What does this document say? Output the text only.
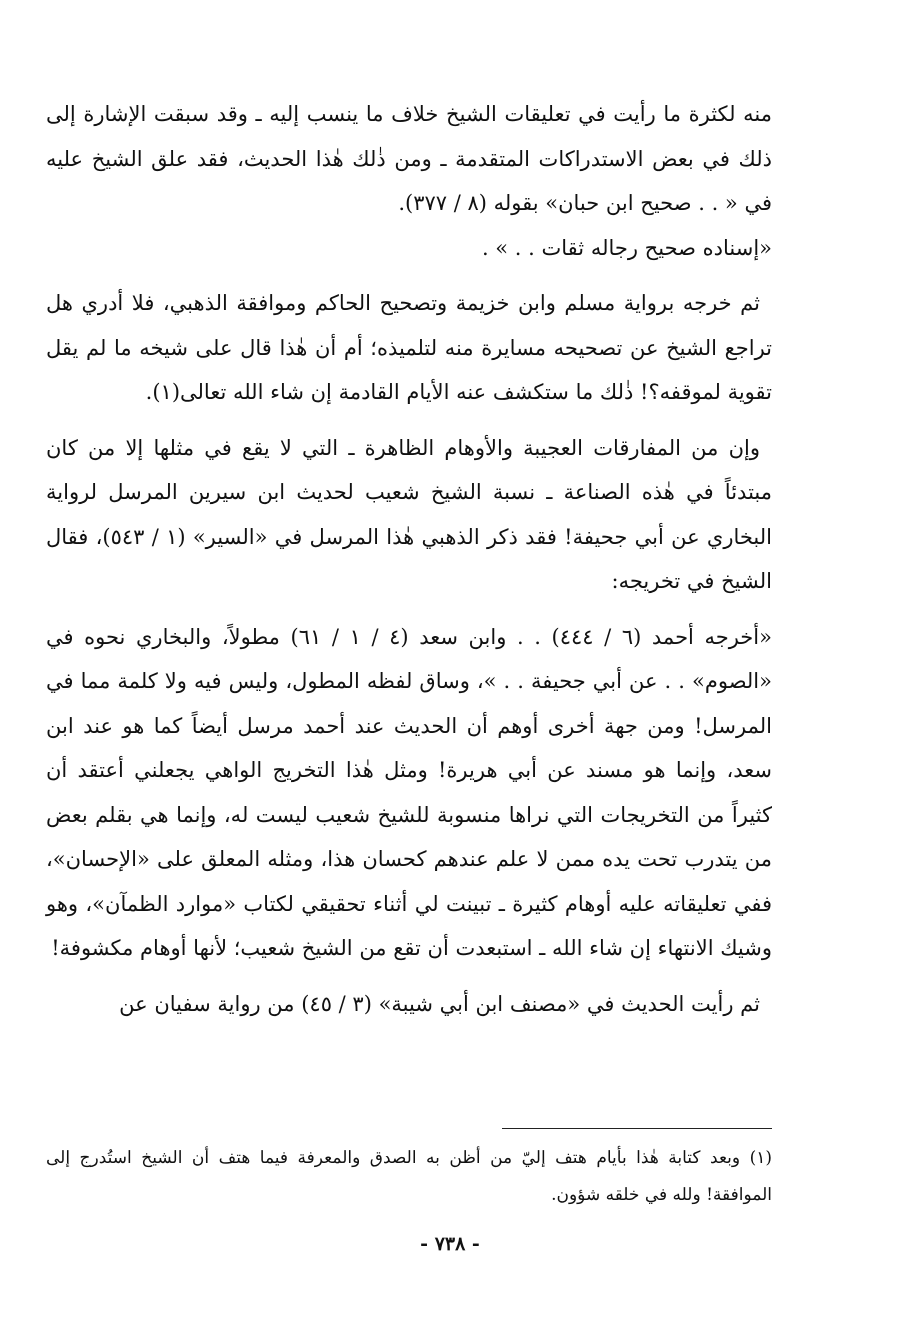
منه لكثرة ما رأيت في تعليقات الشيخ خلاف ما ينسب إليه ـ وقد سبقت الإشارة إلى ذلك في بعض الاستدراكات المتقدمة ـ ومن ذٰلك هٰذا الحديث، فقد علق الشيخ عليه في « . . صحيح ابن حبان» بقوله (٨ / ٣٧٧).

«إسناده صحيح رجاله ثقات . . » .

ثم خرجه برواية مسلم وابن خزيمة وتصحيح الحاكم وموافقة الذهبي، فلا أدري هل تراجع الشيخ عن تصحيحه مسايرة منه لتلميذه؛ أم أن هٰذا قال على شيخه ما لم يقل تقوية لموقفه؟! ذٰلك ما ستكشف عنه الأيام القادمة إن شاء الله تعالى(١).

وإن من المفارقات العجيبة والأوهام الظاهرة ـ التي لا يقع في مثلها إلا من كان مبتدئاً في هٰذه الصناعة ـ نسبة الشيخ شعيب لحديث ابن سيرين المرسل لرواية البخاري عن أبي جحيفة! فقد ذكر الذهبي هٰذا المرسل في «السير» (١ / ٥٤٣)، فقال الشيخ في تخريجه:

«أخرجه أحمد (٦ / ٤٤٤) . . وابن سعد (٤ / ١ / ٦١) مطولاً، والبخاري نحوه في «الصوم» . . عن أبي جحيفة . . »، وساق لفظه المطول، وليس فيه ولا كلمة مما في المرسل! ومن جهة أخرى أوهم أن الحديث عند أحمد مرسل أيضاً كما هو عند ابن سعد، وإنما هو مسند عن أبي هريرة! ومثل هٰذا التخريج الواهي يجعلني أعتقد أن كثيراً من التخريجات التي نراها منسوبة للشيخ شعيب ليست له، وإنما هي بقلم بعض من يتدرب تحت يده ممن لا علم عندهم كحسان هذا، ومثله المعلق على «الإحسان»، ففي تعليقاته عليه أوهام كثيرة ـ تبينت لي أثناء تحقيقي لكتاب «موارد الظمآن»، وهو وشيك الانتهاء إن شاء الله ـ استبعدت أن تقع من الشيخ شعيب؛ لأنها أوهام مكشوفة!

ثم رأيت الحديث في «مصنف ابن أبي شيبة» (٣ / ٤٥) من رواية سفيان عن

(١) وبعد كتابة هٰذا بأيام هتف إليّ من أظن به الصدق والمعرفة فيما هتف أن الشيخ استُدرج إلى الموافقة! ولله في خلقه شؤون.

- ٧٣٨ -
